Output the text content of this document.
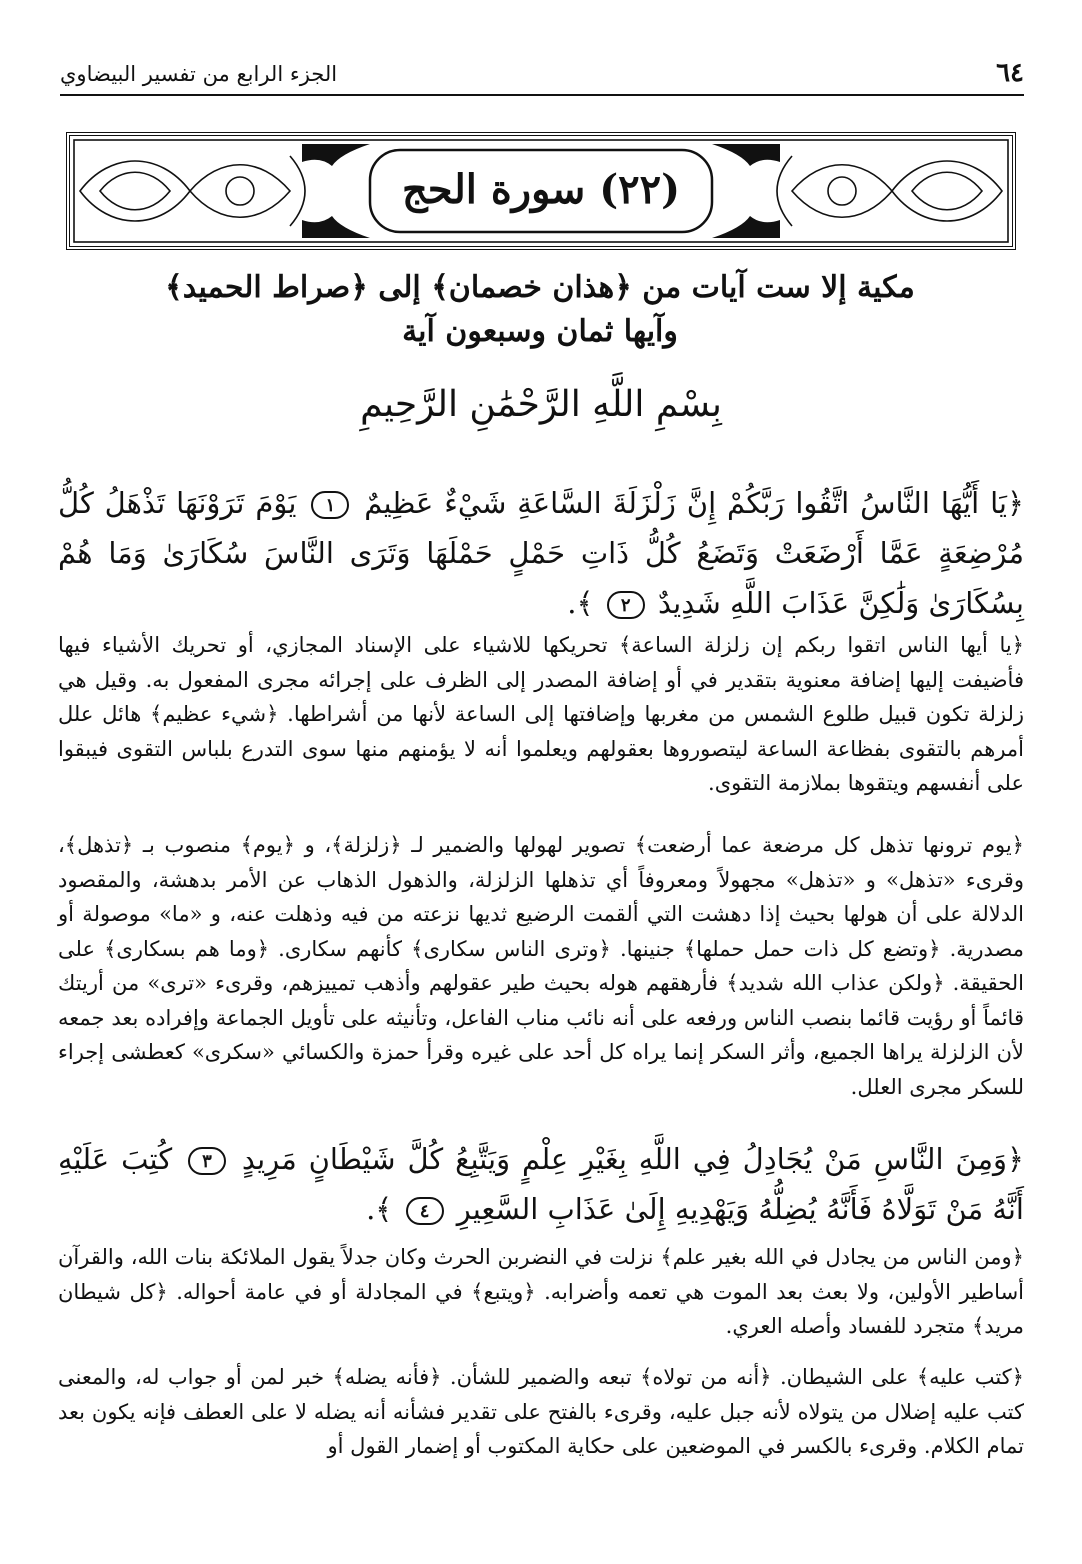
٦٤
الجزء الرابع من تفسير البيضاوي
(٢٢) سورة الحج
مكية إلا ست آيات من ﴿هذان خصمان﴾ إلى ﴿صراط الحميد﴾
وآيها ثمان وسبعون آية
بِسْمِ اللَّهِ الرَّحْمَٰنِ الرَّحِيمِ
﴿يَا أَيُّهَا النَّاسُ اتَّقُوا رَبَّكُمْ إِنَّ زَلْزَلَةَ السَّاعَةِ شَيْءٌ عَظِيمٌ ١ يَوْمَ تَرَوْنَهَا تَذْهَلُ كُلُّ مُرْضِعَةٍ عَمَّا أَرْضَعَتْ وَتَضَعُ كُلُّ ذَاتِ حَمْلٍ حَمْلَهَا وَتَرَى النَّاسَ سُكَارَىٰ وَمَا هُمْ بِسُكَارَىٰ وَلَٰكِنَّ عَذَابَ اللَّهِ شَدِيدٌ ٢ ﴾.
﴿يا أيها الناس اتقوا ربكم إن زلزلة الساعة﴾ تحريكها للاشياء على الإسناد المجازي، أو تحريك الأشياء فيها فأضيفت إليها إضافة معنوية بتقدير في أو إضافة المصدر إلى الظرف على إجرائه مجرى المفعول به. وقيل هي زلزلة تكون قبيل طلوع الشمس من مغربها وإضافتها إلى الساعة لأنها من أشراطها. ﴿شيء عظيم﴾ هائل علل أمرهم بالتقوى بفظاعة الساعة ليتصوروها بعقولهم ويعلموا أنه لا يؤمنهم منها سوى التدرع بلباس التقوى فيبقوا على أنفسهم ويتقوها بملازمة التقوى.
﴿يوم ترونها تذهل كل مرضعة عما أرضعت﴾ تصوير لهولها والضمير لـ ﴿زلزلة﴾، و ﴿يوم﴾ منصوب بـ ﴿تذهل﴾، وقرىء «تذهل» و «تذهل» مجهولاً ومعروفاً أي تذهلها الزلزلة، والذهول الذهاب عن الأمر بدهشة، والمقصود الدلالة على أن هولها بحيث إذا دهشت التي ألقمت الرضيع ثديها نزعته من فيه وذهلت عنه، و «ما» موصولة أو مصدرية. ﴿وتضع كل ذات حمل حملها﴾ جنينها. ﴿وترى الناس سكارى﴾ كأنهم سكارى. ﴿وما هم بسكارى﴾ على الحقيقة. ﴿ولكن عذاب الله شديد﴾ فأرهقهم هوله بحيث طير عقولهم وأذهب تمييزهم، وقرىء «ترى» من أريتك قائماً أو رؤيت قائما بنصب الناس ورفعه على أنه نائب مناب الفاعل، وتأنيثه على تأويل الجماعة وإفراده بعد جمعه لأن الزلزلة يراها الجميع، وأثر السكر إنما يراه كل أحد على غيره وقرأ حمزة والكسائي «سكرى» كعطشى إجراء للسكر مجرى العلل.
﴿وَمِنَ النَّاسِ مَنْ يُجَادِلُ فِي اللَّهِ بِغَيْرِ عِلْمٍ وَيَتَّبِعُ كُلَّ شَيْطَانٍ مَرِيدٍ ٣ كُتِبَ عَلَيْهِ أَنَّهُ مَنْ تَوَلَّاهُ فَأَنَّهُ يُضِلُّهُ وَيَهْدِيهِ إِلَىٰ عَذَابِ السَّعِيرِ ٤ ﴾.
﴿ومن الناس من يجادل في الله بغير علم﴾ نزلت في النضربن الحرث وكان جدلاً يقول الملائكة بنات الله، والقرآن أساطير الأولين، ولا بعث بعد الموت هي تعمه وأضرابه. ﴿ويتبع﴾ في المجادلة أو في عامة أحواله. ﴿كل شيطان مريد﴾ متجرد للفساد وأصله العري.
﴿كتب عليه﴾ على الشيطان. ﴿أنه من تولاه﴾ تبعه والضمير للشأن. ﴿فأنه يضله﴾ خبر لمن أو جواب له، والمعنى كتب عليه إضلال من يتولاه لأنه جبل عليه، وقرىء بالفتح على تقدير فشأنه أنه يضله لا على العطف فإنه يكون بعد تمام الكلام. وقرىء بالكسر في الموضعين على حكاية المكتوب أو إضمار القول أو
